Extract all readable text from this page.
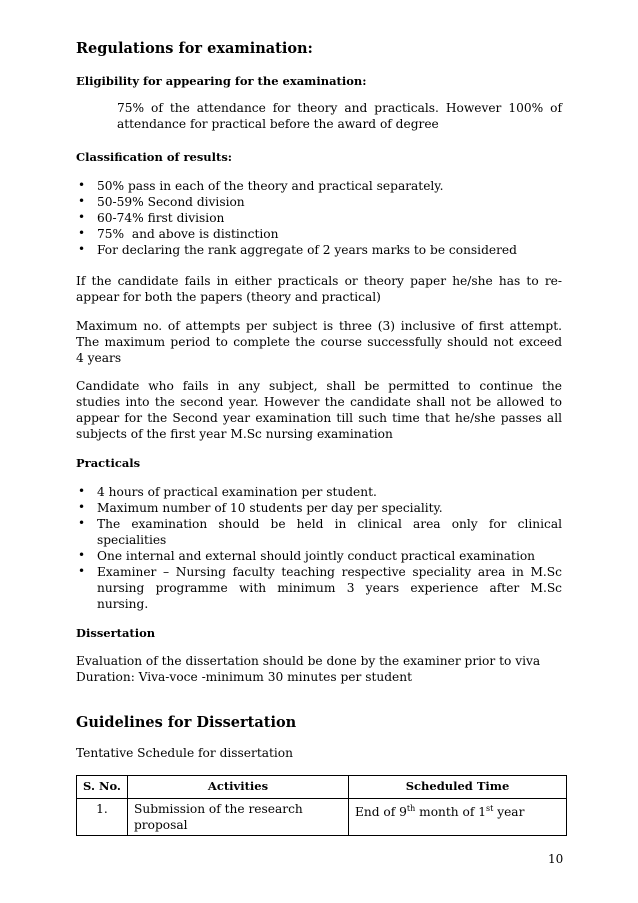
Regulations for examination:
Eligibility for appearing for the examination:
75% of the attendance for theory and practicals. However 100% of
attendance for practical before the award of degree
Classification of results:
• 50% pass in each of the theory and practical separately.
• 50-59% Second division
• 60-74% first division
• 75%  and above is distinction
• For declaring the rank aggregate of 2 years marks to be considered
If the candidate fails in either practicals or theory paper he/she has to re-
appear for both the papers (theory and practical)
Maximum no. of attempts per subject is three (3) inclusive of first attempt.
The maximum period to complete the course successfully should not exceed
4 years
Candidate who fails in any subject, shall be permitted to continue the
studies into the second year. However the candidate shall not be allowed to
appear for the Second year examination till such time that he/she passes all
subjects of the first year M.Sc nursing examination
Practicals
• 4 hours of practical examination per student.
• Maximum number of 10 students per day per speciality.
• The examination should be held in clinical area only for clinical
specialities
• One internal and external should jointly conduct practical examination
• Examiner – Nursing faculty teaching respective speciality area in M.Sc
nursing programme with minimum 3 years experience after M.Sc
nursing.
Dissertation
Evaluation of the dissertation should be done by the examiner prior to viva
Duration: Viva-voce -minimum 30 minutes per student
Guidelines for Dissertation
Tentative Schedule for dissertation
S. No.	Activities	Scheduled Time
1.	Submission of the research proposal	End of 9th month of 1st year
10
